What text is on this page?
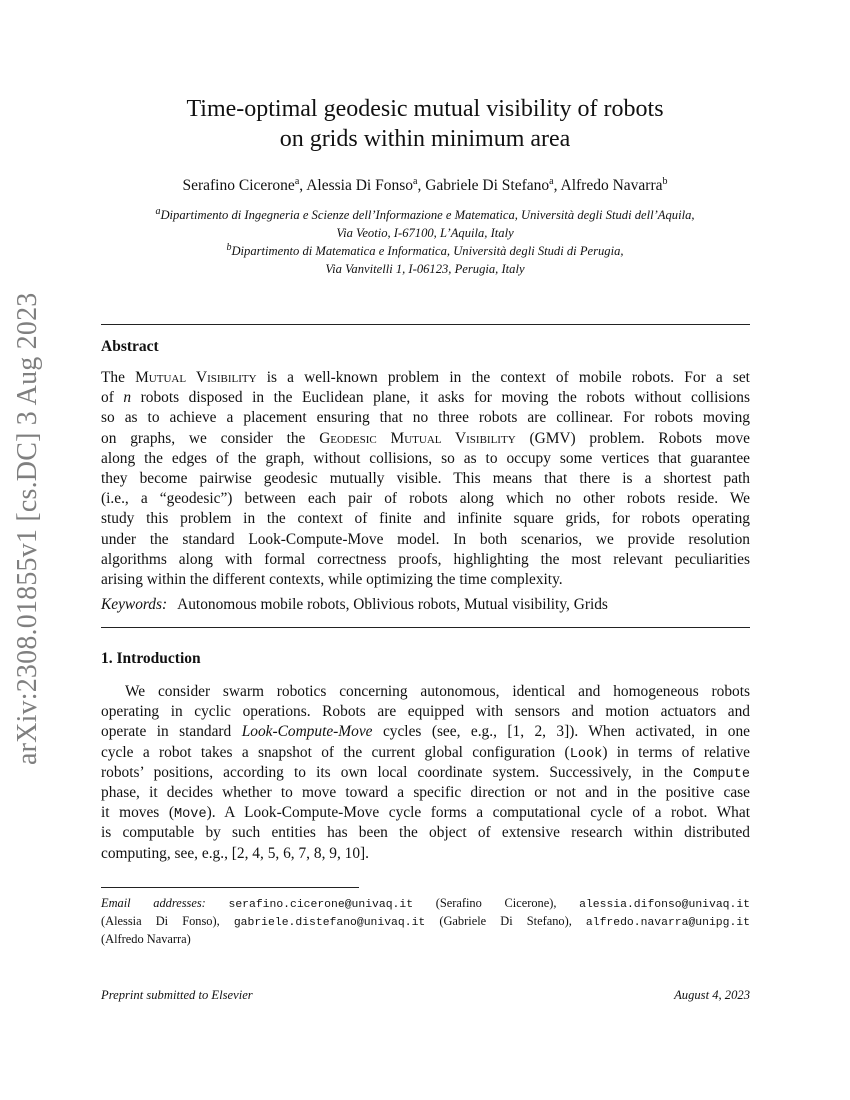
arXiv:2308.01855v1 [cs.DC] 3 Aug 2023
Time-optimal geodesic mutual visibility of robots
on grids within minimum area
Serafino Cicerone$^a$, Alessia Di Fonso$^a$, Gabriele Di Stefano$^a$, Alfredo Navarra$^b$
$^a$Dipartimento di Ingegneria e Scienze dell’Informazione e Matematica, Università degli Studi dell’Aquila,
Via Veotio, I-67100, L’Aquila, Italy
$^b$Dipartimento di Matematica e Informatica, Università degli Studi di Perugia,
Via Vanvitelli 1, I-06123, Perugia, Italy
Abstract
The Mutual Visibility is a well-known problem in the context of mobile robots. For a set
of n robots disposed in the Euclidean plane, it asks for moving the robots without collisions
so as to achieve a placement ensuring that no three robots are collinear. For robots moving
on graphs, we consider the Geodesic Mutual Visibility (GMV) problem. Robots move
along the edges of the graph, without collisions, so as to occupy some vertices that guarantee
they become pairwise geodesic mutually visible. This means that there is a shortest path
(i.e., a “geodesic”) between each pair of robots along which no other robots reside. We
study this problem in the context of finite and infinite square grids, for robots operating
under the standard Look-Compute-Move model. In both scenarios, we provide resolution
algorithms along with formal correctness proofs, highlighting the most relevant peculiarities
arising within the different contexts, while optimizing the time complexity.
Keywords: Autonomous mobile robots, Oblivious robots, Mutual visibility, Grids
1. Introduction
We consider swarm robotics concerning autonomous, identical and homogeneous robots
operating in cyclic operations. Robots are equipped with sensors and motion actuators and
operate in standard Look-Compute-Move cycles (see, e.g., [1, 2, 3]). When activated, in one
cycle a robot takes a snapshot of the current global configuration (Look) in terms of relative
robots’ positions, according to its own local coordinate system. Successively, in the Compute
phase, it decides whether to move toward a specific direction or not and in the positive case
it moves (Move). A Look-Compute-Move cycle forms a computational cycle of a robot. What
is computable by such entities has been the object of extensive research within distributed
computing, see, e.g., [2, 4, 5, 6, 7, 8, 9, 10].
Email addresses: serafino.cicerone@univaq.it (Serafino Cicerone), alessia.difonso@univaq.it
(Alessia Di Fonso), gabriele.distefano@univaq.it (Gabriele Di Stefano), alfredo.navarra@unipg.it
(Alfredo Navarra)
Preprint submitted to Elsevier	August 4, 2023
